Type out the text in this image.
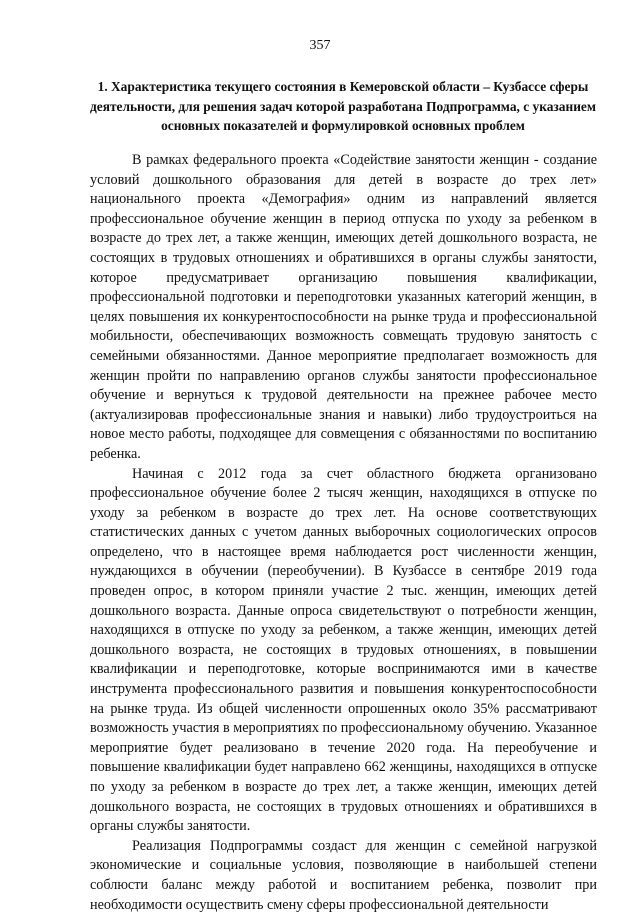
357
1. Характеристика текущего состояния в Кемеровской области – Кузбассе сферы деятельности, для решения задач которой разработана Подпрограмма, с указанием основных показателей и формулировкой основных проблем

В рамках федерального проекта «Содействие занятости женщин - создание условий дошкольного образования для детей в возрасте до трех лет» национального проекта «Демография» одним из направлений является профессиональное обучение женщин в период отпуска по уходу за ребенком в возрасте до трех лет, а также женщин, имеющих детей дошкольного возраста, не состоящих в трудовых отношениях и обратившихся в органы службы занятости, которое предусматривает организацию повышения квалификации, профессиональной подготовки и переподготовки указанных категорий женщин, в целях повышения их конкурентоспособности на рынке труда и профессиональной мобильности, обеспечивающих возможность совмещать трудовую занятость с семейными обязанностями. Данное мероприятие предполагает возможность для женщин пройти по направлению органов службы занятости профессиональное обучение и вернуться к трудовой деятельности на прежнее рабочее место (актуализировав профессиональные знания и навыки) либо трудоустроиться на новое место работы, подходящее для совмещения с обязанностями по воспитанию ребенка.

Начиная с 2012 года за счет областного бюджета организовано профессиональное обучение более 2 тысяч женщин, находящихся в отпуске по уходу за ребенком в возрасте до трех лет. На основе соответствующих статистических данных с учетом данных выборочных социологических опросов определено, что в настоящее время наблюдается рост численности женщин, нуждающихся в обучении (переобучении). В Кузбассе в сентябре 2019 года проведен опрос, в котором приняли участие 2 тыс. женщин, имеющих детей дошкольного возраста. Данные опроса свидетельствуют о потребности женщин, находящихся в отпуске по уходу за ребенком, а также женщин, имеющих детей дошкольного возраста, не состоящих в трудовых отношениях, в повышении квалификации и переподготовке, которые воспринимаются ими в качестве инструмента профессионального развития и повышения конкурентоспособности на рынке труда. Из общей численности опрошенных около 35% рассматривают возможность участия в мероприятиях по профессиональному обучению. Указанное мероприятие будет реализовано в течение 2020 года. На переобучение и повышение квалификации будет направлено 662 женщины, находящихся в отпуске по уходу за ребенком в возрасте до трех лет, а также женщин, имеющих детей дошкольного возраста, не состоящих в трудовых отношениях и обратившихся в органы службы занятости.

Реализация Подпрограммы создаст для женщин с семейной нагрузкой экономические и социальные условия, позволяющие в наибольшей степени соблюсти баланс между работой и воспитанием ребенка, позволит при необходимости осуществить смену сферы профессиональной деятельности
